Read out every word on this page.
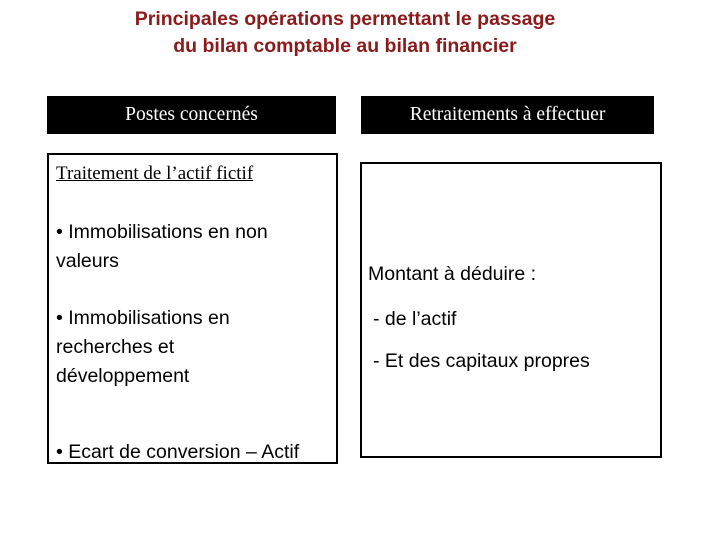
Principales opérations permettant le passage
du bilan comptable au bilan financier
Postes concernés	Retraitements à effectuer

Traitement de l’actif fictif

• Immobilisations en non valeurs

• Immobilisations en recherches et développement

• Ecart de conversion – Actif

Montant à déduire :

- de l’actif

- Et des capitaux propres
